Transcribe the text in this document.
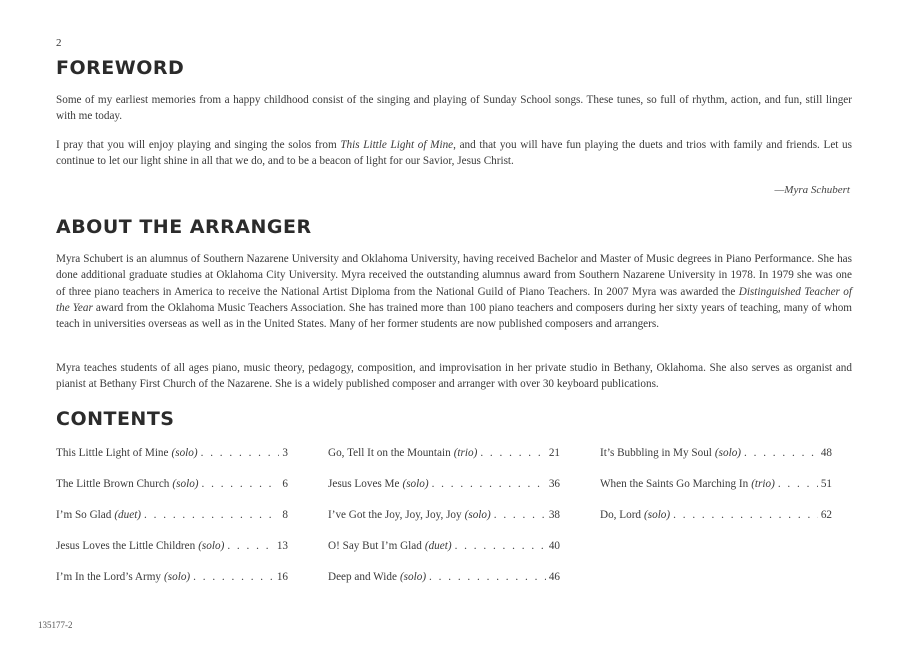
2
FOREWORD

Some of my earliest memories from a happy childhood consist of the singing and playing of Sunday School songs. These tunes, so full of rhythm, action, and fun, still linger with me today.

I pray that you will enjoy playing and singing the solos from This Little Light of Mine, and that you will have fun playing the duets and trios with family and friends. Let us continue to let our light shine in all that we do, and to be a beacon of light for our Savior, Jesus Christ.

—Myra Schubert
ABOUT THE ARRANGER

Myra Schubert is an alumnus of Southern Nazarene University and Oklahoma University, having received Bachelor and Master of Music degrees in Piano Performance. She has done additional graduate studies at Oklahoma City University. Myra received the outstanding alumnus award from Southern Nazarene University in 1978. In 1979 she was one of three piano teachers in America to receive the National Artist Diploma from the National Guild of Piano Teachers. In 2007 Myra was awarded the Distinguished Teacher of the Year award from the Oklahoma Music Teachers Association. She has trained more than 100 piano teachers and composers during her sixty years of teaching, many of whom teach in universities overseas as well as in the United States. Many of her former students are now published composers and arrangers.

Myra teaches students of all ages piano, music theory, pedagogy, composition, and improvisation in her private studio in Bethany, Oklahoma. She also serves as organist and pianist at Bethany First Church of the Nazarene. She is a widely published composer and arranger with over 30 keyboard publications.

CONTENTS
This Little Light of Mine (solo) . . .	3
The Little Brown Church (solo) . . .	6
I’m So Glad (duet) . . .	8
Jesus Loves the Little Children (solo) . . .	13
I’m In the Lord’s Army (solo) . . .	16
Go, Tell It on the Mountain (trio) . . .	21
Jesus Loves Me (solo) . . .	36
I’ve Got the Joy, Joy, Joy, Joy (solo) . . .	38
O! Say But I’m Glad (duet) . . .	40
Deep and Wide (solo) . . .	46
It’s Bubbling in My Soul (solo) . . .	48
When the Saints Go Marching In (trio) . . .	51
Do, Lord (solo) . . .	62
135177-2
